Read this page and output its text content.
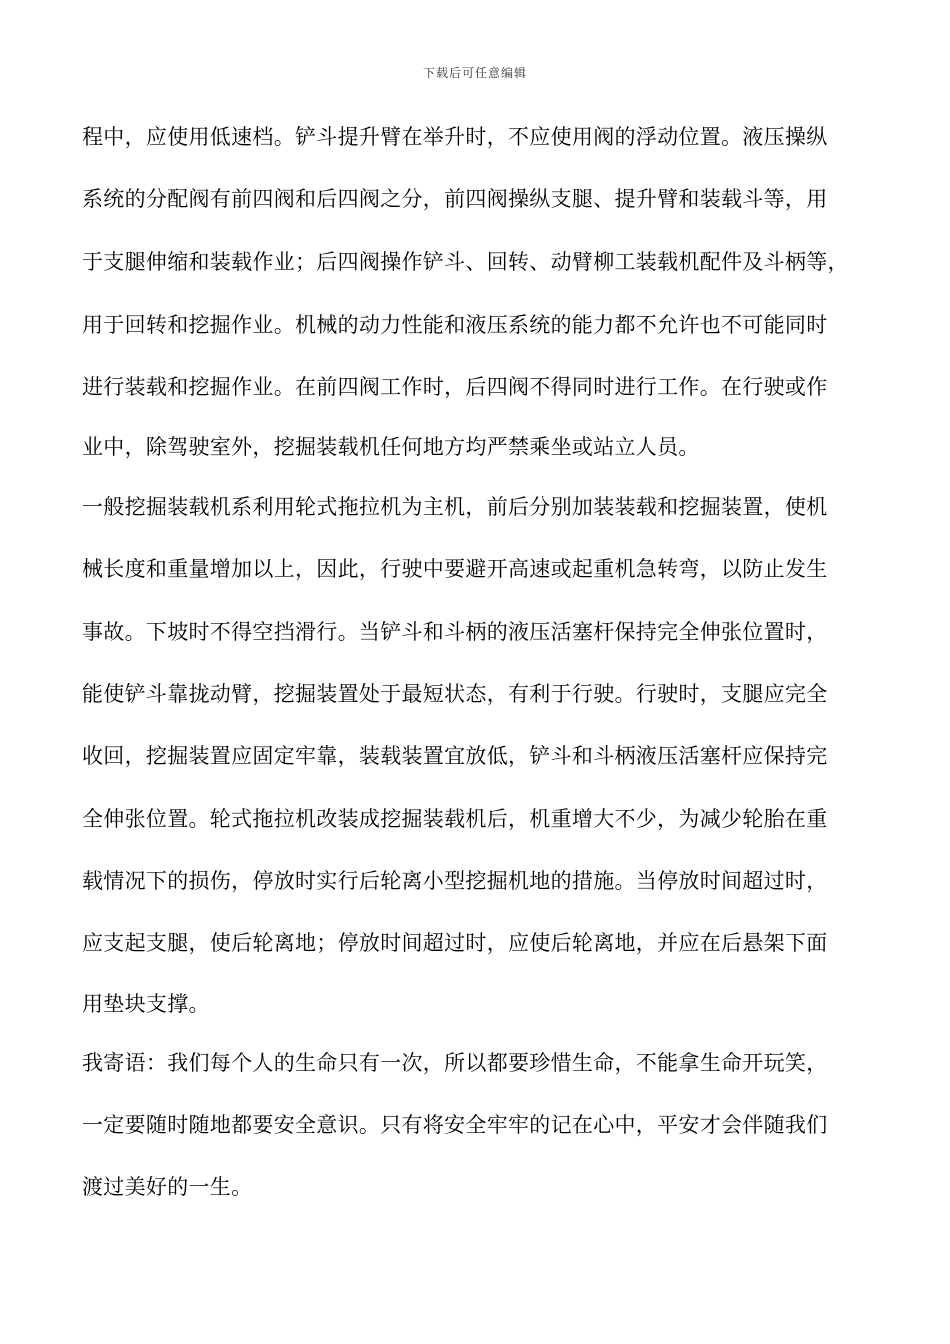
下载后可任意编辑
程中，应使用低速档。铲斗提升臂在举升时，不应使用阀的浮动位置。液压操纵
系统的分配阀有前四阀和后四阀之分，前四阀操纵支腿、提升臂和装载斗等，用
于支腿伸缩和装载作业；后四阀操作铲斗、回转、动臂柳工装载机配件及斗柄等，
用于回转和挖掘作业。机械的动力性能和液压系统的能力都不允许也不可能同时
进行装载和挖掘作业。在前四阀工作时，后四阀不得同时进行工作。在行驶或作
业中，除驾驶室外，挖掘装载机任何地方均严禁乘坐或站立人员。
一般挖掘装载机系利用轮式拖拉机为主机，前后分别加装装载和挖掘装置，使机
械长度和重量增加以上，因此，行驶中要避开高速或起重机急转弯，以防止发生
事故。下坡时不得空挡滑行。当铲斗和斗柄的液压活塞杆保持完全伸张位置时，
能使铲斗靠拢动臂，挖掘装置处于最短状态，有利于行驶。行驶时，支腿应完全
收回，挖掘装置应固定牢靠，装载装置宜放低，铲斗和斗柄液压活塞杆应保持完
全伸张位置。轮式拖拉机改装成挖掘装载机后，机重增大不少，为减少轮胎在重
载情况下的损伤，停放时实行后轮离小型挖掘机地的措施。当停放时间超过时，
应支起支腿，使后轮离地；停放时间超过时，应使后轮离地，并应在后悬架下面
用垫块支撑。
我寄语：我们每个人的生命只有一次，所以都要珍惜生命，不能拿生命开玩笑，
一定要随时随地都要安全意识。只有将安全牢牢的记在心中，平安才会伴随我们
渡过美好的一生。
